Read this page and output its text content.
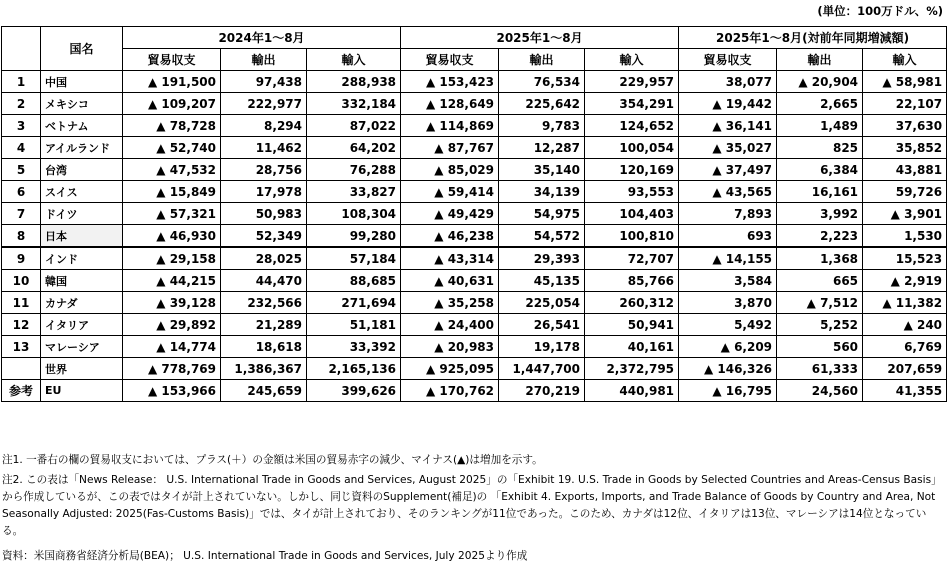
(単位：100万ドル、%)
	国名	2024年1～8月			2025年1～8月			2025年1～8月(対前年同期増減額)		
		貿易収支	輸出	輸入	貿易収支	輸出	輸入	貿易収支	輸出	輸入
1	中国	▲ 191,500	97,438	288,938	▲ 153,423	76,534	229,957	38,077	▲ 20,904	▲ 58,981
2	メキシコ	▲ 109,207	222,977	332,184	▲ 128,649	225,642	354,291	▲ 19,442	2,665	22,107
3	ベトナム	▲ 78,728	8,294	87,022	▲ 114,869	9,783	124,652	▲ 36,141	1,489	37,630
4	アイルランド	▲ 52,740	11,462	64,202	▲ 87,767	12,287	100,054	▲ 35,027	825	35,852
5	台湾	▲ 47,532	28,756	76,288	▲ 85,029	35,140	120,169	▲ 37,497	6,384	43,881
6	スイス	▲ 15,849	17,978	33,827	▲ 59,414	34,139	93,553	▲ 43,565	16,161	59,726
7	ドイツ	▲ 57,321	50,983	108,304	▲ 49,429	54,975	104,403	7,893	3,992	▲ 3,901
8	日本	▲ 46,930	52,349	99,280	▲ 46,238	54,572	100,810	693	2,223	1,530
9	インド	▲ 29,158	28,025	57,184	▲ 43,314	29,393	72,707	▲ 14,155	1,368	15,523
10	韓国	▲ 44,215	44,470	88,685	▲ 40,631	45,135	85,766	3,584	665	▲ 2,919
11	カナダ	▲ 39,128	232,566	271,694	▲ 35,258	225,054	260,312	3,870	▲ 7,512	▲ 11,382
12	イタリア	▲ 29,892	21,289	51,181	▲ 24,400	26,541	50,941	5,492	5,252	▲ 240
13	マレーシア	▲ 14,774	18,618	33,392	▲ 20,983	19,178	40,161	▲ 6,209	560	6,769
	世界	▲ 778,769	1,386,367	2,165,136	▲ 925,095	1,447,700	2,372,795	▲ 146,326	61,333	207,659
参考	EU	▲ 153,966	245,659	399,626	▲ 170,762	270,219	440,981	▲ 16,795	24,560	41,355

注1. 一番右の欄の貿易収支においては、プラス(＋）の金額は米国の貿易赤字の減少、マイナス(▲)は増加を示す。

注2. この表は「News Release： U.S. International Trade in Goods and Services, August 2025」の「Exhibit 19. U.S. Trade in Goods by Selected Countries and Areas-Census Basis」から作成しているが、この表ではタイが計上されていない。しかし、同じ資料のSupplement(補足)の 「Exhibit 4. Exports, Imports, and Trade Balance of Goods by Country and Area, Not Seasonally Adjusted: 2025(Fas-Customs Basis)」では、タイが計上されており、そのランキングが11位であった。このため、カナダは12位、イタリアは13位、マレーシアは14位となっている。

資料：米国商務省経済分析局(BEA)； U.S. International Trade in Goods and Services, July 2025より作成
